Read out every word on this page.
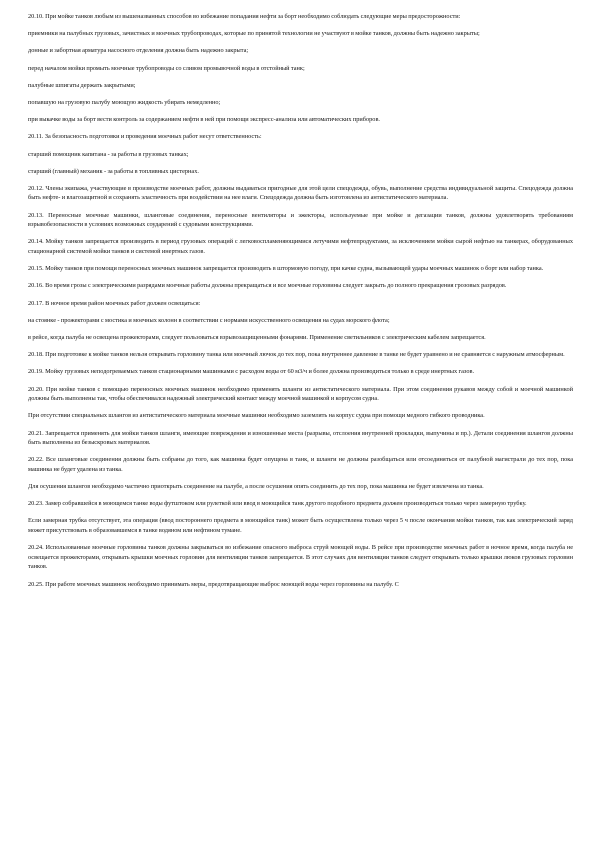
20.10. При мойке танков любым из вышеназванных способов во избежание попадания нефти за борт необходимо соблюдать следующие меры предосторожности:

приемники на палубных грузовых, зачистных и моечных трубопроводах, которые по принятой технологии не участвуют в мойке танков, должны быть надежно закрыты;

донные и забортная арматура насосного отделения должна быть надежно закрыта;

перед началом мойки промыть моечные трубопроводы со сливом промывочной воды в отстойный танк;

палубные шпигаты держать закрытыми;

попавшую на грузовую палубу моющую жидкость убирать немедленно;

при выкачке воды за борт вести контроль за содержанием нефти в ней при помощи экспресс-анализа или автоматических приборов.

20.11. За безопасность подготовки и проведения моечных работ несут ответственность:

старший помощник капитана - за работы в грузовых танках;

старший (главный) механик - за работы в топливных цистернах.

20.12. Члены экипажа, участвующие в производстве моечных работ, должны выдаваться пригодные для этой цели спецодежда, обувь, выполнение средства индивидуальной защиты. Спецодежда должна быть нефте- и влагозащитной и сохранять эластичность при воздействии на нее влаги. Спецодежда должна быть изготовлена из антистатического материала.

20.13. Переносные моечные машинки, шланговые соединения, переносные вентиляторы и эжекторы, используемые при мойке и дегазации танков, должны удовлетворять требованиям взрывобезопасности в условиях возможных соударений с судовыми конструкциями.

20.14. Мойку танков запрещается производить в период грузовых операций с легковоспламеняющимися летучими нефтепродуктами, за исключением мойки сырой нефтью на танкерах, оборудованных стационарной системой мойки танков и системой инертных газов.

20.15. Мойку танков при помощи переносных моечных машинок запрещается производить в штормовую погоду, при качке судна, вызывающей удары моечных машинок о борт или набор танка.

20.16. Во время грозы с электрическими разрядами моечные работы должны прекращаться и все моечные горловины следует закрыть до полного прекращения грозовых разрядов.

20.17. В ночное время район моечных работ должен освещаться:

на стоянке - прожекторами с мостика и моечных колонн в соответствии с нормами искусственного освещения на судах морского флота;

в рейсе, когда палуба не освещена прожекторами, следует пользоваться взрывозащищенными фонарями. Применение светильников с электрическим кабелем запрещается.

20.18. При подготовке к мойке танков нельзя открывать горловину танка или моечный лючок до тех пор, пока внутреннее давление в танке не будет уравнено и не сравняется с наружным атмосферным.

20.19. Мойку грузовых неподогреваемых танков стационарными машинками с расходом воды от 60 м3/ч и более должна производиться только в среде инертных газов.

20.20. При мойке танков с помощью переносных моечных машинок необходимо применять шланги из антистатического материала. При этом соединения рукавов между собой и моечной машинкой должны быть выполнены так, чтобы обеспечивался надежный электрический контакт между моечной машинкой и корпусом судна.

При отсутствии специальных шлангов из антистатического материала моечные машинки необходимо заземлять на корпус судна при помощи медного гибкого проводника.

20.21. Запрещается применять для мойки танков шланги, имеющие повреждения и изношенные места (разрывы, отслоения внутренней прокладки, выпучины и пр.). Детали соединения шлангов должны быть выполнены из безыскровых материалов.

20.22. Все шланговые соединения должны быть собраны до того, как машинка будет опущена в танк, и шланги не должны разобщаться или отсоединяться от палубной магистрали до тех пор, пока машинка не будет удалена из танка.

Для осушения шлангов необходимо частично приоткрыть соединение на палубе, а после осушения опять соединить до тех пор, пока машинка не будет извлечена из танка.

20.23. Замер собравшейся в моющемся танке воды футштоком или рулеткой или ввод в моющийся танк другого подобного предмета должен производиться только через замерную трубку.

Если замерная трубка отсутствует, эта операция (ввод постороннего предмета в моющийся танк) может быть осуществлена только через 5 ч после окончания мойки танков, так как электрический заряд может присутствовать в образовавшемся в танке водяном или нефтяном тумане.

20.24. Использованные моечные горловины танков должны закрываться во избежание опасного выброса струй моющей воды. В рейсе при производстве моечных работ в ночное время, когда палуба не освещается прожекторами, открывать крышки моечных горловин для вентиляции танков запрещается. В этот случаях для вентиляции танков следует открывать только крышки люков грузовых горловин танков.

20.25. При работе моечных машинок необходимо принимать меры, предотвращающие выброс моющей воды через горловины на палубу. С
